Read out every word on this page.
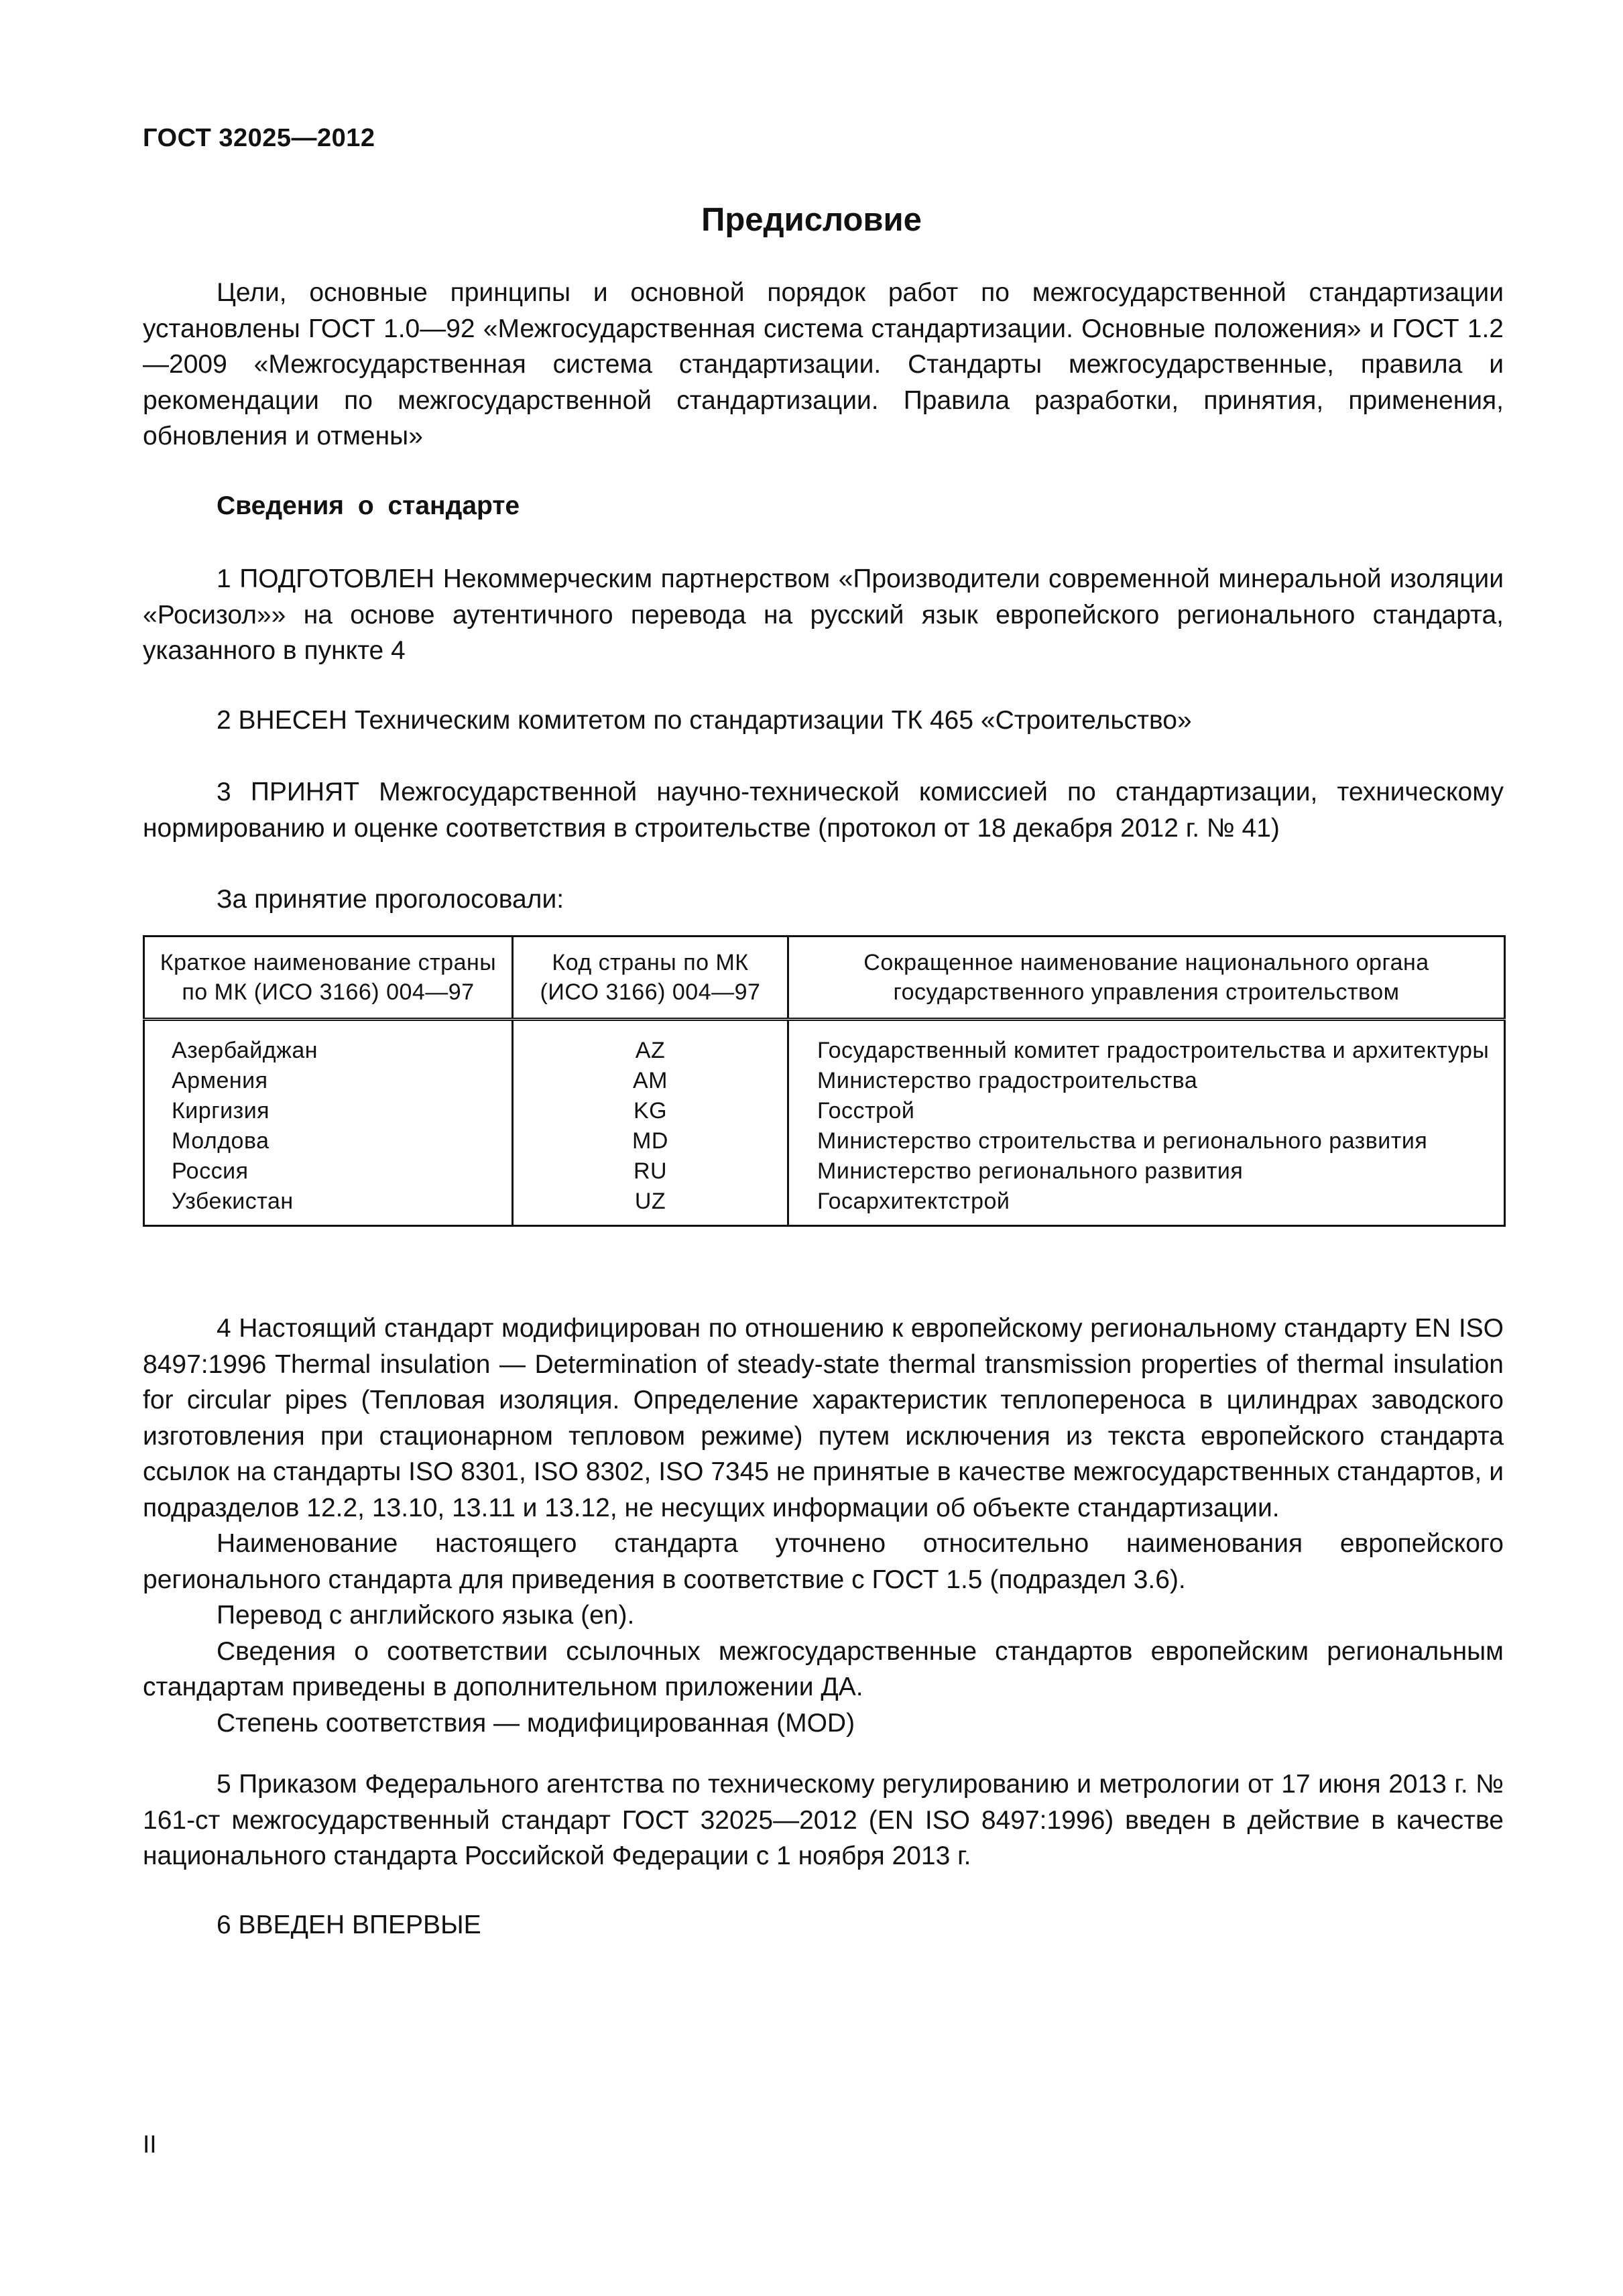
ГОСТ 32025—2012
Предисловие

Цели, основные принципы и основной порядок работ по межгосударственной стандартизации установлены ГОСТ 1.0—92 «Межгосударственная система стандартизации. Основные положения» и ГОСТ 1.2—2009 «Межгосударственная система стандартизации. Стандарты межгосударственные, правила и рекомендации по межгосударственной стандартизации. Правила разработки, принятия, применения, обновления и отмены»

Сведения о стандарте

1 ПОДГОТОВЛЕН Некоммерческим партнерством «Производители современной минеральной изоляции «Росизол»» на основе аутентичного перевода на русский язык европейского регионального стандарта, указанного в пункте 4

2 ВНЕСЕН Техническим комитетом по стандартизации ТК 465 «Строительство»

3 ПРИНЯТ Межгосударственной научно-технической комиссией по стандартизации, техническому нормированию и оценке соответствия в строительстве (протокол от 18 декабря 2012 г. № 41)

За принятие проголосовали:
Краткое наименование страны по МК (ИСО 3166) 004—97	Код страны по МК (ИСО 3166) 004—97	Сокращенное наименование национального органа государственного управления строительством
Азербайджан	AZ	Государственный комитет градостроительства и архитектуры
Армения	AM	Министерство градостроительства
Киргизия	KG	Госстрой
Молдова	MD	Министерство строительства и регионального развития
Россия	RU	Министерство регионального развития
Узбекистан	UZ	Госархитектстрой

4 Настоящий стандарт модифицирован по отношению к европейскому региональному стандарту EN ISO 8497:1996 Thermal insulation — Determination of steady-state thermal transmission properties of thermal insulation for circular pipes (Тепловая изоляция. Определение характеристик теплопереноса в цилиндрах заводского изготовления при стационарном тепловом режиме) путем исключения из текста европейского стандарта ссылок на стандарты ISO 8301, ISO 8302, ISO 7345 не принятые в качестве межгосударственных стандартов, и подразделов 12.2, 13.10, 13.11 и 13.12, не несущих информации об объекте стандартизации.

Наименование настоящего стандарта уточнено относительно наименования европейского регионального стандарта для приведения в соответствие с ГОСТ 1.5 (подраздел 3.6).

Перевод с английского языка (en).

Сведения о соответствии ссылочных межгосударственные стандартов европейским региональным стандартам приведены в дополнительном приложении ДА.

Степень соответствия — модифицированная (MOD)

5 Приказом Федерального агентства по техническому регулированию и метрологии от 17 июня 2013 г. № 161-ст межгосударственный стандарт ГОСТ 32025—2012 (EN ISO 8497:1996) введен в действие в качестве национального стандарта Российской Федерации с 1 ноября 2013 г.

6 ВВЕДЕН ВПЕРВЫЕ

II
